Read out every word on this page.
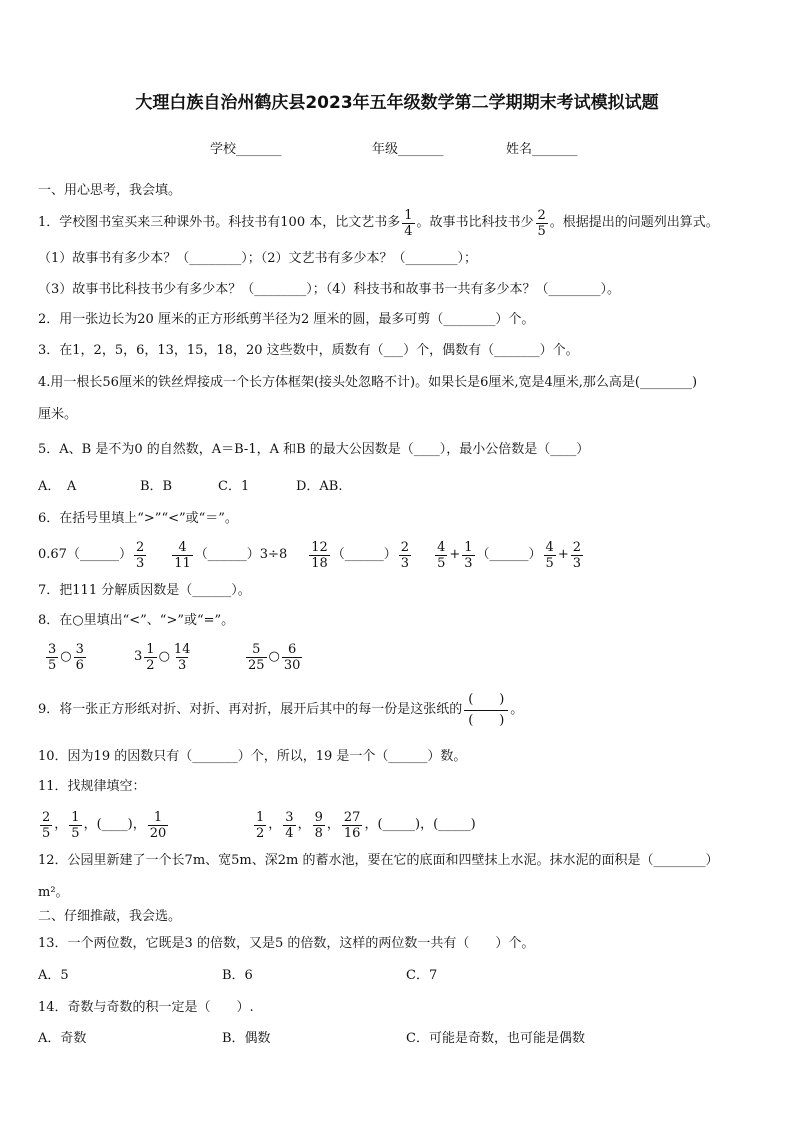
大理白族自治州鹤庆县2023年五年级数学第二学期期末考试模拟试题
学校_______	年级_______	姓名_______
一、用心思考，我会填。
1．学校图书室买来三种课外书。科技书有100 本，比文艺书多 $\frac{1}{4}$ 。故事书比科技书少 $\frac{2}{5}$ 。根据提出的问题列出算式。
（1）故事书有多少本？（________）；（2）文艺书有多少本？（________）；
（3）故事书比科技书少有多少本？（________）；（4）科技书和故事书一共有多少本？（________）。
2．用一张边长为20 厘米的正方形纸剪半径为2 厘米的圆，最多可剪（________）个。
3．在1，2，5，6，13，15，18，20 这些数中，质数有（___）个，偶数有（_______）个。
4.用一根长56厘米的铁丝焊接成一个长方体框架(接头处忽略不计)。如果长是6厘米,宽是4厘米,那么高是(________)
厘米。
5．A、B 是不为0 的自然数，A＝B-1，A 和B 的最大公因数是（____），最小公倍数是（____）
A．　A	B．B	C．1	D．AB.
6．在括号里填上“>”“<”或“＝”。
0.67（______） $\frac{2}{3} \frac{4}{11}$ （______）3÷8 $\frac{12}{18}$ （______） $\frac{2}{3} \frac{4}{5} + \frac{1}{3}$ （______） $\frac{4}{5} + \frac{2}{3}$
7．把111 分解质因数是（______）。
8．在○里填出“<”、“>”或“=”。
$\frac{3}{5}$ ○ $\frac{3}{6}$	$3 \frac{1}{2}$ ○ $\frac{14}{3}$	$\frac{5}{25}$ ○ $\frac{6}{30}$
9．将一张正方形纸对折、对折、再对折，展开后其中的每一份是这张纸的 $\frac{( )}{( )}$ 。
10．因为19 的因数只有（_______）个，所以，19 是一个（______）数。
11．找规律填空：
$\frac{2}{5}$ ， $\frac{1}{5}$ ，(____)， $\frac{1}{20}$	$\frac{1}{2}$ ， $\frac{3}{4}$ ， $\frac{9}{8}$ ， $\frac{27}{16}$ ，(_____)，(_____)
12．公园里新建了一个长7m、宽5m、深2m 的蓄水池，要在它的底面和四壁抹上水泥。抹水泥的面积是（________）
m²。
二、仔细推敲，我会选。
13．一个两位数，它既是3 的倍数，又是5 的倍数，这样的两位数一共有（　　）个。
A．5	B．6	C．7
14．奇数与奇数的积一定是（　　）.
A．奇数	B．偶数	C．可能是奇数，也可能是偶数
